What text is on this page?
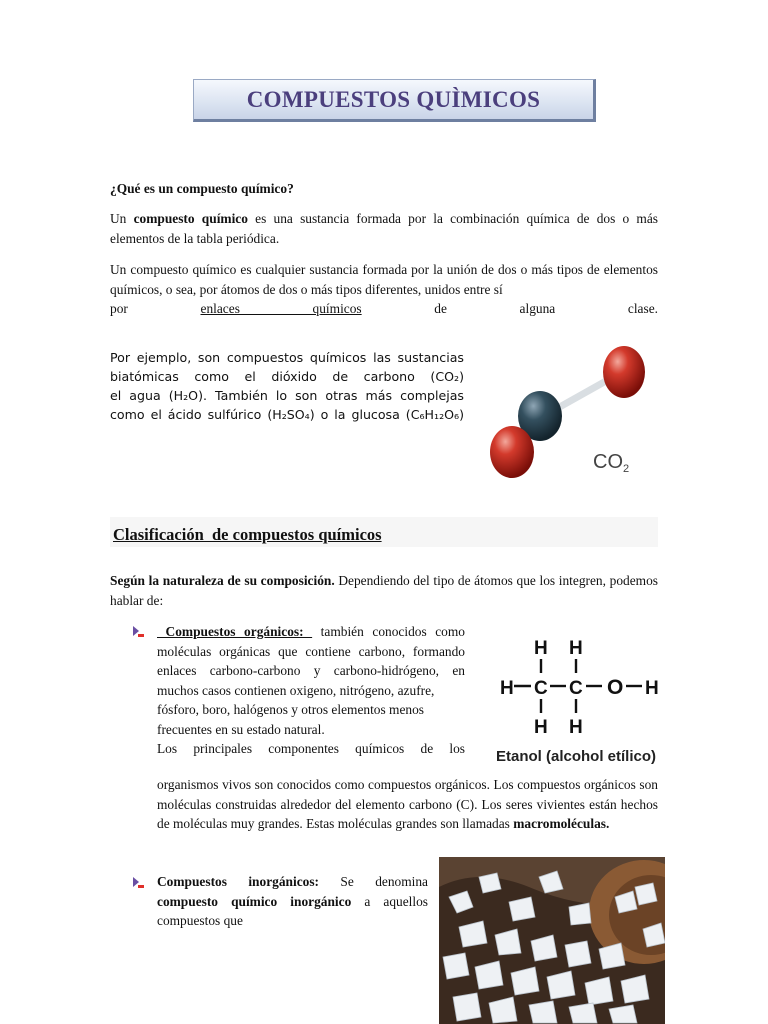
COMPUESTOS QUÌMICOS
¿Qué es un compuesto químico?
Un compuesto químico es una sustancia formada por la combinación química de dos o más elementos de la tabla periódica.
Un compuesto químico es cualquier sustancia formada por la unión de dos o más tipos de elementos químicos, o sea, por átomos de dos o más tipos diferentes, unidos entre sí
por enlaces químicos de alguna clase.
Por ejemplo, son compuestos químicos las sustancias
biatómicas como el dióxido de carbono (CO₂)
el agua (H₂O). También lo son otras más complejas
como el ácido sulfúrico (H₂SO₄) o la glucosa (C₆H₁₂O₆)
$CO_2$
Clasificación  de compuestos químicos
Según la naturaleza de su composición. Dependiendo del tipo de átomos que los integren, podemos hablar de:
Compuestos orgánicos:  también conocidos como moléculas orgánicas que contiene carbono, formando enlaces carbono-carbono y carbono-hidrógeno, en muchos casos contienen oxigeno, nitrógeno, azufre,
fósforo, boro, halógenos y otros elementos menos frecuentes en su estado natural.
Los principales componentes químicos de los
organismos vivos son conocidos como compuestos orgánicos. Los compuestos orgánicos son moléculas construidas alrededor del elemento carbono (C). Los seres vivientes están hechos de moléculas muy grandes. Estas moléculas grandes son llamadas macromoléculas.
H H
H C C O H
H H
Etanol (alcohol etílico)
Compuestos inorgánicos: Se denomina compuesto químico inorgánico a aquellos compuestos que
